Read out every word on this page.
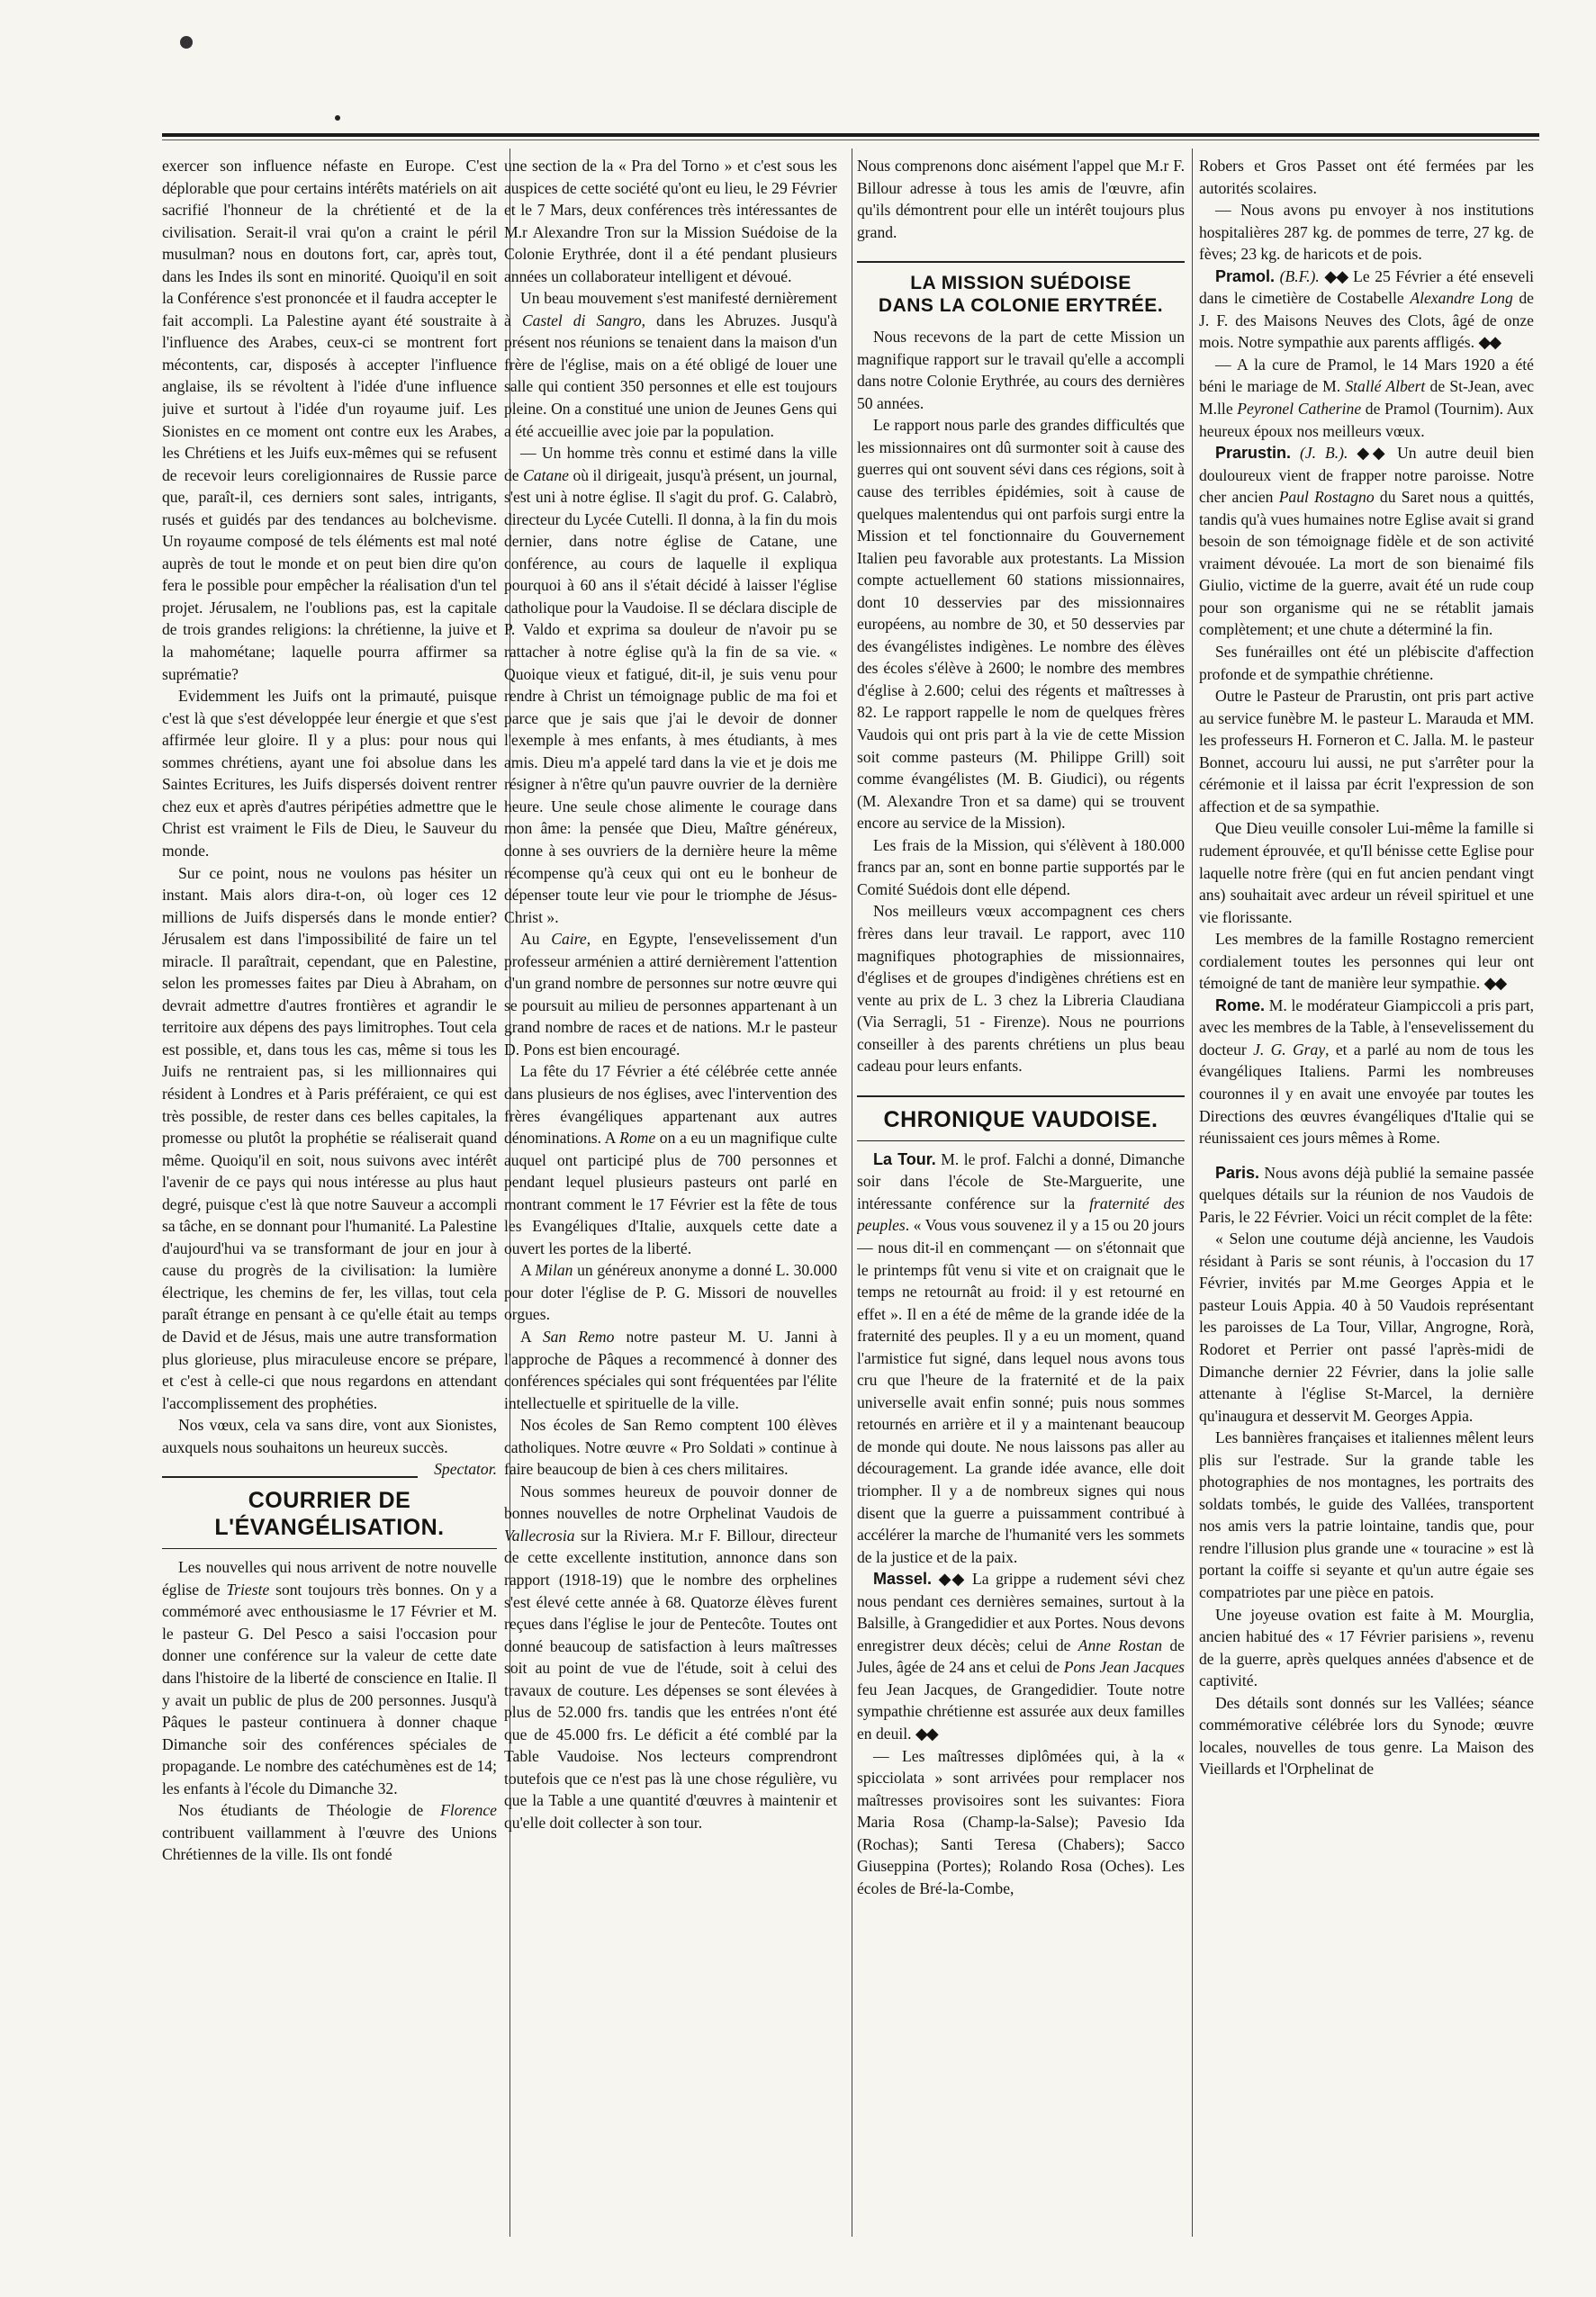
exercer son influence néfaste en Europe. C'est déplorable que pour certains intérêts matériels on ait sacrifié l'honneur de la chrétienté et de la civilisation. Serait-il vrai qu'on a craint le péril musulman? nous en doutons fort, car, après tout, dans les Indes ils sont en minorité. Quoiqu'il en soit la Conférence s'est prononcée et il faudra accepter le fait accompli. La Palestine ayant été soustraite à l'influence des Arabes, ceux-ci se montrent fort mécontents, car, disposés à accepter l'influence anglaise, ils se révoltent à l'idée d'une influence juive et surtout à l'idée d'un royaume juif. Les Sionistes en ce moment ont contre eux les Arabes, les Chrétiens et les Juifs eux-mêmes qui se refusent de recevoir leurs coreligionnaires de Russie parce que, paraît-il, ces derniers sont sales, intrigants, rusés et guidés par des tendances au bolchevisme. Un royaume composé de tels éléments est mal noté auprès de tout le monde et on peut bien dire qu'on fera le possible pour empêcher la réalisation d'un tel projet. Jérusalem, ne l'oublions pas, est la capitale de trois grandes religions: la chrétienne, la juive et la mahométane; laquelle pourra affirmer sa suprématie?

Evidemment les Juifs ont la primauté, puisque c'est là que s'est développée leur énergie et que s'est affirmée leur gloire. Il y a plus: pour nous qui sommes chrétiens, ayant une foi absolue dans les Saintes Ecritures, les Juifs dispersés doivent rentrer chez eux et après d'autres péripéties admettre que le Christ est vraiment le Fils de Dieu, le Sauveur du monde.

Sur ce point, nous ne voulons pas hésiter un instant. Mais alors dira-t-on, où loger ces 12 millions de Juifs dispersés dans le monde entier? Jérusalem est dans l'impossibilité de faire un tel miracle. Il paraîtrait, cependant, que en Palestine, selon les promesses faites par Dieu à Abraham, on devrait admettre d'autres frontières et agrandir le territoire aux dépens des pays limitrophes. Tout cela est possible, et, dans tous les cas, même si tous les Juifs ne rentraient pas, si les millionnaires qui résident à Londres et à Paris préféraient, ce qui est très possible, de rester dans ces belles capitales, la promesse ou plutôt la prophétie se réaliserait quand même. Quoiqu'il en soit, nous suivons avec intérêt l'avenir de ce pays qui nous intéresse au plus haut degré, puisque c'est là que notre Sauveur a accompli sa tâche, en se donnant pour l'humanité. La Palestine d'aujourd'hui va se transformant de jour en jour à cause du progrès de la civilisation: la lumière électrique, les chemins de fer, les villas, tout cela paraît étrange en pensant à ce qu'elle était au temps de David et de Jésus, mais une autre transformation plus glorieuse, plus miraculeuse encore se prépare, et c'est à celle-ci que nous regardons en attendant l'accomplissement des prophéties.

Nos vœux, cela va sans dire, vont aux Sionistes, auxquels nous souhaitons un heureux succès.
Spectator.

COURRIER DE L'ÉVANGÉLISATION.

Les nouvelles qui nous arrivent de notre nouvelle église de Trieste sont toujours très bonnes. On y a commémoré avec enthousiasme le 17 Février et M. le pasteur G. Del Pesco a saisi l'occasion pour donner une conférence sur la valeur de cette date dans l'histoire de la liberté de conscience en Italie. Il y avait un public de plus de 200 personnes. Jusqu'à Pâques le pasteur continuera à donner chaque Dimanche soir des conférences spéciales de propagande. Le nombre des catéchumènes est de 14; les enfants à l'école du Dimanche 32.

Nos étudiants de Théologie de Florence contribuent vaillamment à l'œuvre des Unions Chrétiennes de la ville. Ils ont fondé

une section de la « Pra del Torno » et c'est sous les auspices de cette société qu'ont eu lieu, le 29 Février et le 7 Mars, deux conférences très intéressantes de M.r Alexandre Tron sur la Mission Suédoise de la Colonie Erythrée, dont il a été pendant plusieurs années un collaborateur intelligent et dévoué.

Un beau mouvement s'est manifesté dernièrement à Castel di Sangro, dans les Abruzes. Jusqu'à présent nos réunions se tenaient dans la maison d'un frère de l'église, mais on a été obligé de louer une salle qui contient 350 personnes et elle est toujours pleine. On a constitué une union de Jeunes Gens qui a été accueillie avec joie par la population.

— Un homme très connu et estimé dans la ville de Catane où il dirigeait, jusqu'à présent, un journal, s'est uni à notre église. Il s'agit du prof. G. Calabrò, directeur du Lycée Cutelli. Il donna, à la fin du mois dernier, dans notre église de Catane, une conférence, au cours de laquelle il expliqua pourquoi à 60 ans il s'était décidé à laisser l'église catholique pour la Vaudoise. Il se déclara disciple de P. Valdo et exprima sa douleur de n'avoir pu se rattacher à notre église qu'à la fin de sa vie. « Quoique vieux et fatigué, dit-il, je suis venu pour rendre à Christ un témoignage public de ma foi et parce que je sais que j'ai le devoir de donner l'exemple à mes enfants, à mes étudiants, à mes amis. Dieu m'a appelé tard dans la vie et je dois me résigner à n'être qu'un pauvre ouvrier de la dernière heure. Une seule chose alimente le courage dans mon âme: la pensée que Dieu, Maître généreux, donne à ses ouvriers de la dernière heure la même récompense qu'à ceux qui ont eu le bonheur de dépenser toute leur vie pour le triomphe de Jésus-Christ ».

Au Caire, en Egypte, l'ensevelissement d'un professeur arménien a attiré dernièrement l'attention d'un grand nombre de personnes sur notre œuvre qui se poursuit au milieu de personnes appartenant à un grand nombre de races et de nations. M.r le pasteur D. Pons est bien encouragé.

La fête du 17 Février a été célébrée cette année dans plusieurs de nos églises, avec l'intervention des frères évangéliques appartenant aux autres dénominations. A Rome on a eu un magnifique culte auquel ont participé plus de 700 personnes et pendant lequel plusieurs pasteurs ont parlé en montrant comment le 17 Février est la fête de tous les Evangéliques d'Italie, auxquels cette date a ouvert les portes de la liberté.

A Milan un généreux anonyme a donné L. 30.000 pour doter l'église de P. G. Missori de nouvelles orgues.

A San Remo notre pasteur M. U. Janni à l'approche de Pâques a recommencé à donner des conférences spéciales qui sont fréquentées par l'élite intellectuelle et spirituelle de la ville.

Nos écoles de San Remo comptent 100 élèves catholiques. Notre œuvre « Pro Soldati » continue à faire beaucoup de bien à ces chers militaires.

Nous sommes heureux de pouvoir donner de bonnes nouvelles de notre Orphelinat Vaudois de Vallecrosia sur la Riviera. M.r F. Billour, directeur de cette excellente institution, annonce dans son rapport (1918-19) que le nombre des orphelines s'est élevé cette année à 68. Quatorze élèves furent reçues dans l'église le jour de Pentecôte. Toutes ont donné beaucoup de satisfaction à leurs maîtresses soit au point de vue de l'étude, soit à celui des travaux de couture. Les dépenses se sont élevées à plus de 52.000 frs. tandis que les entrées n'ont été que de 45.000 frs. Le déficit a été comblé par la Table Vaudoise. Nos lecteurs comprendront toutefois que ce n'est pas là une chose régulière, vu que la Table a une quantité d'œuvres à maintenir et qu'elle doit collecter à son tour.

Nous comprenons donc aisément l'appel que M.r F. Billour adresse à tous les amis de l'œuvre, afin qu'ils démontrent pour elle un intérêt toujours plus grand.

LA MISSION SUÉDOISE
DANS LA COLONIE ERYTRÉE.

Nous recevons de la part de cette Mission un magnifique rapport sur le travail qu'elle a accompli dans notre Colonie Erythrée, au cours des dernières 50 années.

Le rapport nous parle des grandes difficultés que les missionnaires ont dû surmonter soit à cause des guerres qui ont souvent sévi dans ces régions, soit à cause des terribles épidémies, soit à cause de quelques malentendus qui ont parfois surgi entre la Mission et tel fonctionnaire du Gouvernement Italien peu favorable aux protestants. La Mission compte actuellement 60 stations missionnaires, dont 10 desservies par des missionnaires européens, au nombre de 30, et 50 desservies par des évangélistes indigènes. Le nombre des élèves des écoles s'élève à 2600; le nombre des membres d'église à 2.600; celui des régents et maîtresses à 82. Le rapport rappelle le nom de quelques frères Vaudois qui ont pris part à la vie de cette Mission soit comme pasteurs (M. Philippe Grill) soit comme évangélistes (M. B. Giudici), ou régents (M. Alexandre Tron et sa dame) qui se trouvent encore au service de la Mission).

Les frais de la Mission, qui s'élèvent à 180.000 francs par an, sont en bonne partie supportés par le Comité Suédois dont elle dépend.

Nos meilleurs vœux accompagnent ces chers frères dans leur travail. Le rapport, avec 110 magnifiques photographies de missionnaires, d'églises et de groupes d'indigènes chrétiens est en vente au prix de L. 3 chez la Libreria Claudiana (Via Serragli, 51 - Firenze). Nous ne pourrions conseiller à des parents chrétiens un plus beau cadeau pour leurs enfants.

CHRONIQUE VAUDOISE.

La Tour. M. le prof. Falchi a donné, Dimanche soir dans l'école de Ste-Marguerite, une intéressante conférence sur la fraternité des peuples. « Vous vous souvenez il y a 15 ou 20 jours — nous dit-il en commençant — on s'étonnait que le printemps fût venu si vite et on craignait que le temps ne retournât au froid: il y est retourné en effet ». Il en a été de même de la grande idée de la fraternité des peuples. Il y a eu un moment, quand l'armistice fut signé, dans lequel nous avons tous cru que l'heure de la fraternité et de la paix universelle avait enfin sonné; puis nous sommes retournés en arrière et il y a maintenant beaucoup de monde qui doute. Ne nous laissons pas aller au découragement. La grande idée avance, elle doit triompher. Il y a de nombreux signes qui nous disent que la guerre a puissamment contribué à accélérer la marche de l'humanité vers les sommets de la justice et de la paix.

Massel. ◆◆ La grippe a rudement sévi chez nous pendant ces dernières semaines, surtout à la Balsille, à Grangedidier et aux Portes. Nous devons enregistrer deux décès; celui de Anne Rostan de Jules, âgée de 24 ans et celui de Pons Jean Jacques feu Jean Jacques, de Grangedidier. Toute notre sympathie chrétienne est assurée aux deux familles en deuil. ◆◆

— Les maîtresses diplômées qui, à la « spicciolata » sont arrivées pour remplacer nos maîtresses provisoires sont les suivantes: Fiora Maria Rosa (Champ-la-Salse); Pavesio Ida (Rochas); Santi Teresa (Chabers); Sacco Giuseppina (Portes); Rolando Rosa (Oches). Les écoles de Bré-la-Combe,

Robers et Gros Passet ont été fermées par les autorités scolaires.

— Nous avons pu envoyer à nos institutions hospitalières 287 kg. de pommes de terre, 27 kg. de fèves; 23 kg. de haricots et de pois.

Pramol. (B.F.). ◆◆ Le 25 Février a été enseveli dans le cimetière de Costabelle Alexandre Long de J. F. des Maisons Neuves des Clots, âgé de onze mois. Notre sympathie aux parents affligés. ◆◆

— A la cure de Pramol, le 14 Mars 1920 a été béni le mariage de M. Stallé Albert de St-Jean, avec M.lle Peyronel Catherine de Pramol (Tournim). Aux heureux époux nos meilleurs vœux.

Prarustin. (J. B.). ◆◆ Un autre deuil bien douloureux vient de frapper notre paroisse. Notre cher ancien Paul Rostagno du Saret nous a quittés, tandis qu'à vues humaines notre Eglise avait si grand besoin de son témoignage fidèle et de son activité vraiment dévouée. La mort de son bienaimé fils Giulio, victime de la guerre, avait été un rude coup pour son organisme qui ne se rétablit jamais complètement; et une chute a déterminé la fin.

Ses funérailles ont été un plébiscite d'affection profonde et de sympathie chrétienne.

Outre le Pasteur de Prarustin, ont pris part active au service funèbre M. le pasteur L. Marauda et MM. les professeurs H. Forneron et C. Jalla. M. le pasteur Bonnet, accouru lui aussi, ne put s'arrêter pour la cérémonie et il laissa par écrit l'expression de son affection et de sa sympathie.

Que Dieu veuille consoler Lui-même la famille si rudement éprouvée, et qu'Il bénisse cette Eglise pour laquelle notre frère (qui en fut ancien pendant vingt ans) souhaitait avec ardeur un réveil spirituel et une vie florissante.

Les membres de la famille Rostagno remercient cordialement toutes les personnes qui leur ont témoigné de tant de manière leur sympathie. ◆◆

Rome. M. le modérateur Giampiccoli a pris part, avec les membres de la Table, à l'ensevelissement du docteur J. G. Gray, et a parlé au nom de tous les évangéliques Italiens. Parmi les nombreuses couronnes il y en avait une envoyée par toutes les Directions des œuvres évangéliques d'Italie qui se réunissaient ces jours mêmes à Rome.

Paris. Nous avons déjà publié la semaine passée quelques détails sur la réunion de nos Vaudois de Paris, le 22 Février. Voici un récit complet de la fête:

« Selon une coutume déjà ancienne, les Vaudois résidant à Paris se sont réunis, à l'occasion du 17 Février, invités par M.me Georges Appia et le pasteur Louis Appia. 40 à 50 Vaudois représentant les paroisses de La Tour, Villar, Angrogne, Rorà, Rodoret et Perrier ont passé l'après-midi de Dimanche dernier 22 Février, dans la jolie salle attenante à l'église St-Marcel, la dernière qu'inaugura et desservit M. Georges Appia.

Les bannières françaises et italiennes mêlent leurs plis sur l'estrade. Sur la grande table les photographies de nos montagnes, les portraits des soldats tombés, le guide des Vallées, transportent nos amis vers la patrie lointaine, tandis que, pour rendre l'illusion plus grande une « touracine » est là portant la coiffe si seyante et qu'un autre égaie ses compatriotes par une pièce en patois.

Une joyeuse ovation est faite à M. Mourglia, ancien habitué des « 17 Février parisiens », revenu de la guerre, après quelques années d'absence et de captivité.

Des détails sont donnés sur les Vallées; séance commémorative célébrée lors du Synode; œuvre locales, nouvelles de tous genre. La Maison des Vieillards et l'Orphelinat de
